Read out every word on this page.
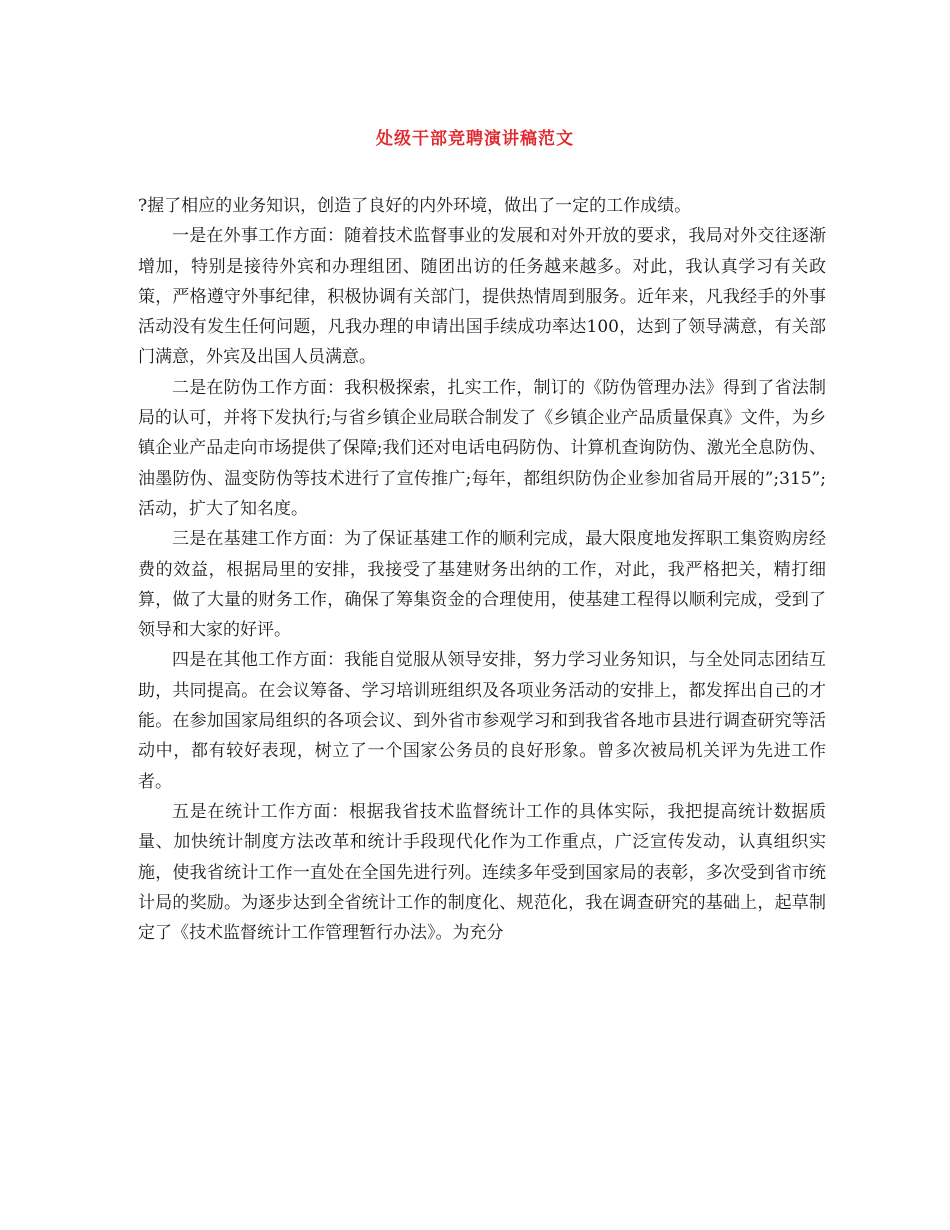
处级干部竞聘演讲稿范文

?握了相应的业务知识，创造了良好的内外环境，做出了一定的工作成绩。

一是在外事工作方面：随着技术监督事业的发展和对外开放的要求，我局对外交往逐渐增加，特别是接待外宾和办理组团、随团出访的任务越来越多。对此，我认真学习有关政策，严格遵守外事纪律，积极协调有关部门，提供热情周到服务。近年来，凡我经手的外事活动没有发生任何问题，凡我办理的申请出国手续成功率达100，达到了领导满意，有关部门满意，外宾及出国人员满意。

二是在防伪工作方面：我积极探索，扎实工作，制订的《防伪管理办法》得到了省法制局的认可，并将下发执行;与省乡镇企业局联合制发了《乡镇企业产品质量保真》文件，为乡镇企业产品走向市场提供了保障;我们还对电话电码防伪、计算机查询防伪、激光全息防伪、油墨防伪、温变防伪等技术进行了宣传推广;每年，都组织防伪企业参加省局开展的”;315”;活动，扩大了知名度。

三是在基建工作方面：为了保证基建工作的顺利完成，最大限度地发挥职工集资购房经费的效益，根据局里的安排，我接受了基建财务出纳的工作，对此，我严格把关，精打细算，做了大量的财务工作，确保了筹集资金的合理使用，使基建工程得以顺利完成，受到了领导和大家的好评。

四是在其他工作方面：我能自觉服从领导安排，努力学习业务知识，与全处同志团结互助，共同提高。在会议筹备、学习培训班组织及各项业务活动的安排上，都发挥出自己的才能。在参加国家局组织的各项会议、到外省市参观学习和到我省各地市县进行调查研究等活动中，都有较好表现，树立了一个国家公务员的良好形象。曾多次被局机关评为先进工作者。

五是在统计工作方面：根据我省技术监督统计工作的具体实际，我把提高统计数据质量、加快统计制度方法改革和统计手段现代化作为工作重点，广泛宣传发动，认真组织实施，使我省统计工作一直处在全国先进行列。连续多年受到国家局的表彰，多次受到省市统计局的奖励。为逐步达到全省统计工作的制度化、规范化，我在调查研究的基础上，起草制定了《技术监督统计工作管理暂行办法》。为充分
